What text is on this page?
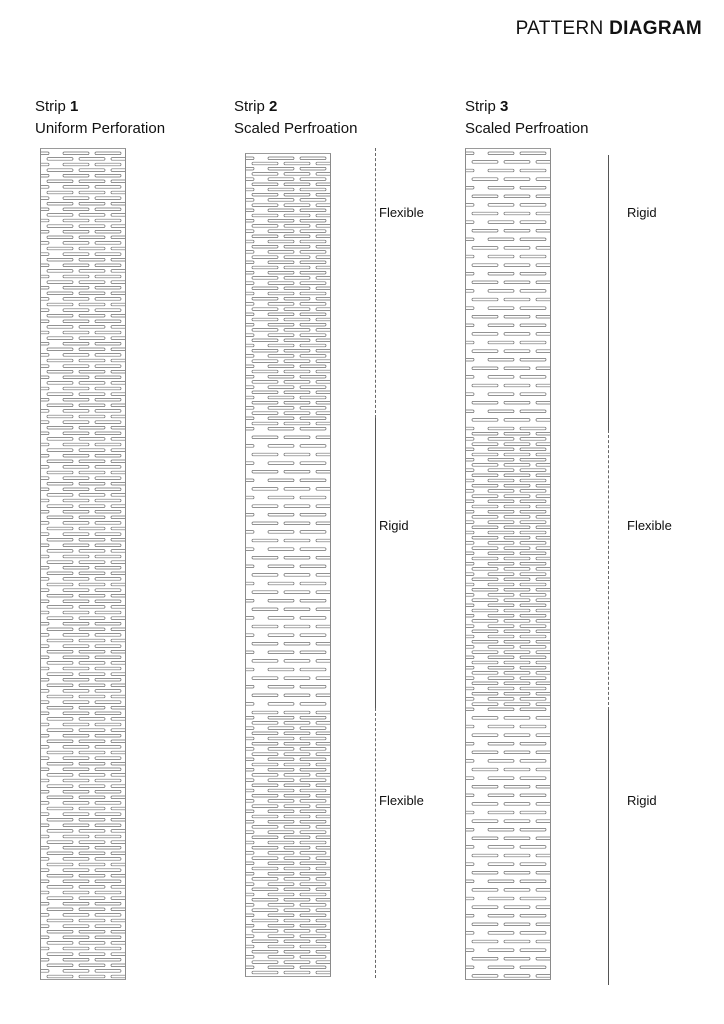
PATTERN DIAGRAM
Strip 1
Uniform Perforation
Strip 2
Scaled Perfroation
Flexible
Rigid
Flexible
Strip 3
Scaled Perfroation
Rigid
Flexible
Rigid
